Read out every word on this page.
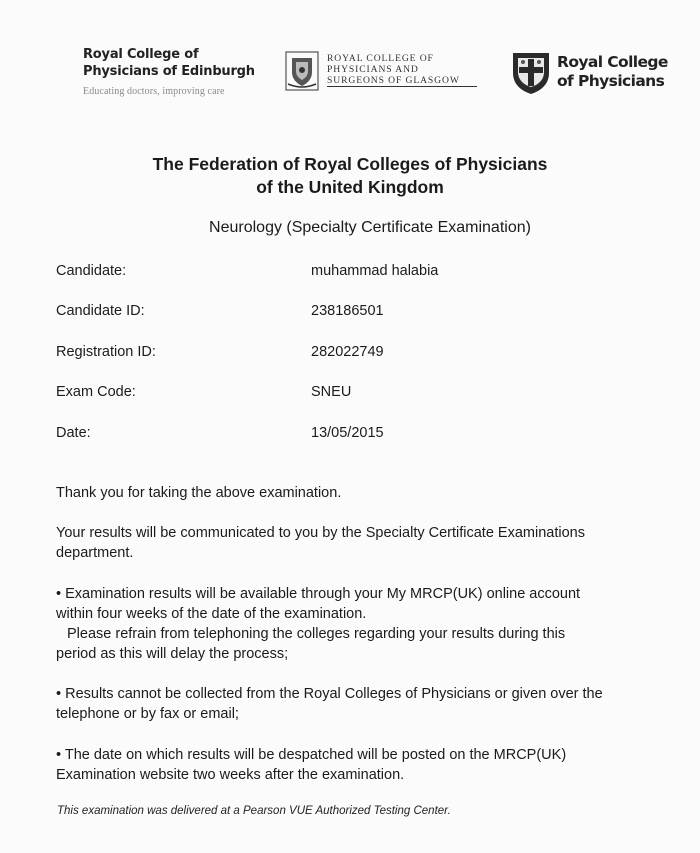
Royal College of
Physicians of Edinburgh
Educating doctors, improving care
ROYAL COLLEGE OF
PHYSICIANS AND
SURGEONS OF GLASGOW
Royal College
of Physicians
The Federation of Royal Colleges of Physicians
of the United Kingdom
Neurology (Specialty Certificate Examination)
Candidate:	muhammad halabia
Candidate ID:	238186501
Registration ID:	282022749
Exam Code:	SNEU
Date:	13/05/2015
Thank you for taking the above examination.
Your results will be communicated to you by the Specialty Certificate Examinations
department.
• Examination results will be available through your My MRCP(UK) online account
within four weeks of the date of the examination.
Please refrain from telephoning the colleges regarding your results during this
period as this will delay the process;
• Results cannot be collected from the Royal Colleges of Physicians or given over the
telephone or by fax or email;
• The date on which results will be despatched will be posted on the MRCP(UK)
Examination website two weeks after the examination.
This examination was delivered at a Pearson VUE Authorized Testing Center.
